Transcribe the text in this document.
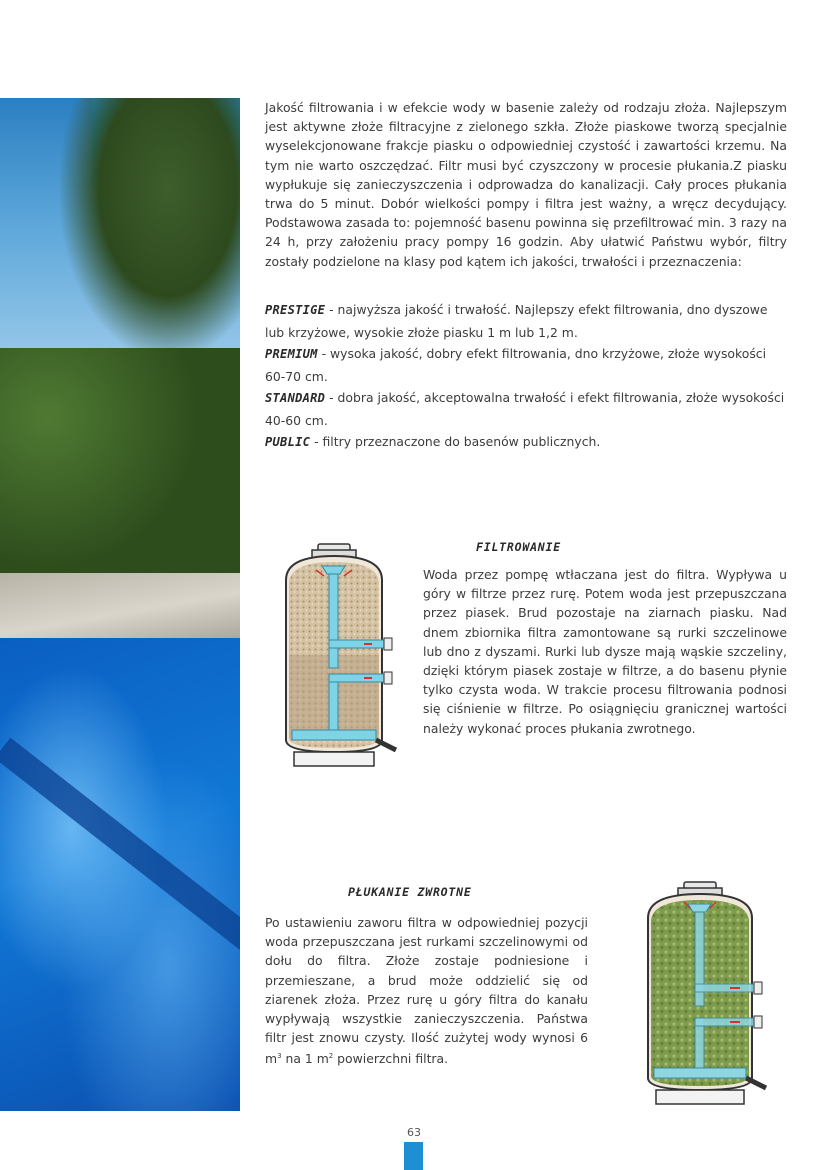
Jakość filtrowania i w efekcie wody w basenie zależy od rodzaju złoża. Najlepszym jest aktywne złoże filtracyjne z zielonego szkła. Złoże piaskowe tworzą specjalnie wyselekcjonowane frakcje piasku o odpowiedniej czystość i zawartości krzemu. Na tym nie warto oszczędzać. Filtr musi być czyszczony w procesie płukania.Z piasku wypłukuje się zanieczyszczenia i odprowadza do kanalizacji. Cały proces płukania trwa do 5 minut. Dobór wielkości pompy i filtra jest ważny, a wręcz decydujący. Podstawowa zasada to: pojemność basenu powinna się przefiltrować min. 3 razy na 24 h, przy założeniu pracy pompy 16 godzin. Aby ułatwić Państwu wybór, filtry zostały podzielone na klasy pod kątem ich jakości, trwałości i przeznaczenia:

PRESTIGE - najwyższa jakość i trwałość. Najlepszy efekt filtrowania, dno dyszowe lub krzyżowe, wysokie złoże piasku 1 m lub 1,2 m.

PREMIUM - wysoka jakość, dobry efekt filtrowania, dno krzyżowe, złoże wysokości 60-70 cm.

STANDARD - dobra jakość, akceptowalna trwałość i efekt filtrowania, złoże wysokości 40-60 cm.

PUBLIC - filtry przeznaczone do basenów publicznych.

FILTROWANIE

Woda przez pompę wtłaczana jest do filtra. Wypływa u góry w filtrze przez rurę. Potem woda jest przepuszczana przez piasek. Brud pozostaje na ziarnach piasku. Nad dnem zbiornika filtra zamontowane są rurki szczelinowe lub dno z dyszami. Rurki lub dysze mają wąskie szczeliny, dzięki którym piasek zostaje w filtrze, a do basenu płynie tylko czysta woda. W trakcie procesu filtrowania podnosi się ciśnienie w filtrze. Po osiągnięciu granicznej wartości należy wykonać proces płukania zwrotnego.

PŁUKANIE ZWROTNE

Po ustawieniu zaworu filtra w odpowiedniej pozycji woda przepuszczana jest rurkami szczelinowymi od dołu do filtra. Złoże zostaje podniesione i przemieszane, a brud może oddzielić się od ziarenek złoża. Przez rurę u góry filtra do kanału wypływają wszystkie zanieczyszczenia. Państwa filtr jest znowu czysty. Ilość zużytej wody wynosi 6 $m^3$ na 1 $m^2$ powierzchni filtra.

63
